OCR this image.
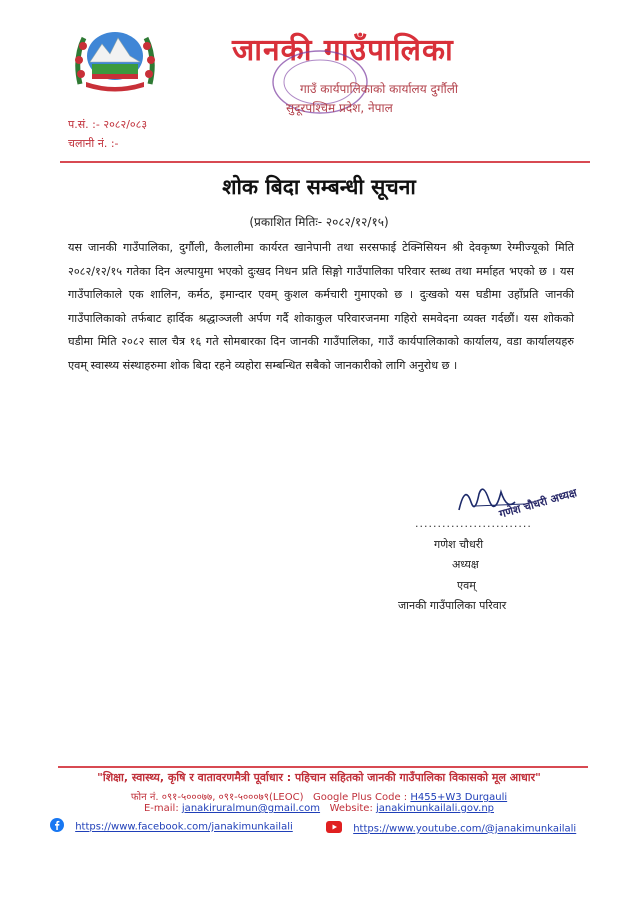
जानकी गाउँपालिका
गाउँ कार्यपालिकाको कार्यालय दुर्गौली
सुदूरपश्चिम प्रदेश, नेपाल
प.सं. :- २०८२/०८३
चलानी नं. :-
शोक बिदा सम्बन्धी सूचना
(प्रकाशित मितिः- २०८२/१२/१५)
यस जानकी गाउँपालिका, दुर्गौली, कैलालीमा कार्यरत खानेपानी तथा सरसफाई टेक्निसियन श्री देवकृष्ण रेग्मीज्यूको मिति २०८२/१२/१५ गतेका दिन अल्पायुमा भएको दुःखद निधन प्रति सिङ्गो गाउँपालिका परिवार स्तब्ध तथा मर्माहत भएको छ । यस गाउँपालिकाले एक शालिन, कर्मठ, इमान्दार एवम् कुशल कर्मचारी गुमाएको छ । दुःखको यस घडीमा उहाँप्रति जानकी गाउँपालिकाको तर्फबाट हार्दिक श्रद्धाञ्जली अर्पण गर्दै शोकाकुल परिवारजनमा गहिरो समवेदना व्यक्त गर्दछौं। यस शोकको घडीमा मिति २०८२ साल चैत्र १६ गते सोमबारका दिन जानकी गाउँपालिका, गाउँ कार्यपालिकाको कार्यालय, वडा कार्यालयहरु एवम् स्वास्थ्य संस्थाहरुमा शोक बिदा रहने व्यहोरा सम्बन्धित सबैको जानकारीको लागि अनुरोध छ ।
गणेश चौधरी अध्यक्ष
..........................
गणेश चौधरी
अध्यक्ष
एवम्
जानकी गाउँपालिका परिवार
"शिक्षा, स्वास्थ्य, कृषि र वातावरणमैत्री पूर्वाधार : पहिचान सहितको जानकी गाउँपालिका विकासको मूल आधार"
फोन नं. ०९१-५०००७७, ०९१-५०००७९(LEOC) Google Plus Code : H455+W3 Durgauli
E-mail: janakiruralmun@gmail.com Website: janakimunkailali.gov.np
https://www.facebook.com/janakimunkailali	https://www.youtube.com/@janakimunkailali
